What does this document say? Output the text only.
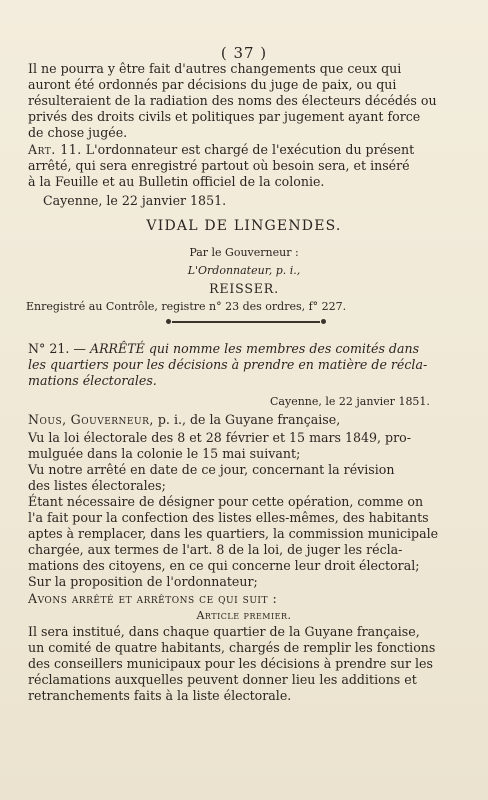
( 37 )
Il ne pourra y être fait d'autres changements que ceux qui
auront été ordonnés par décisions du juge de paix, ou qui
résulteraient de la radiation des noms des électeurs décédés ou
privés des droits civils et politiques par jugement ayant force
de chose jugée.
Art. 11. L'ordonnateur est chargé de l'exécution du présent
arrêté, qui sera enregistré partout où besoin sera, et inséré
à la Feuille et au Bulletin officiel de la colonie.
Cayenne, le 22 janvier 1851.
VIDAL DE LINGENDES.
Par le Gouverneur :
L'Ordonnateur, p. i.,
REISSER.
Enregistré au Contrôle, registre n° 23 des ordres, f° 227.
N° 21. — ARRÊTÉ qui nomme les membres des comités dans
les quartiers pour les décisions à prendre en matière de récla-
mations électorales.
Cayenne, le 22 janvier 1851.
Nous, Gouverneur, p. i., de la Guyane française,
Vu la loi électorale des 8 et 28 février et 15 mars 1849, pro-
mulguée dans la colonie le 15 mai suivant;
Vu notre arrêté en date de ce jour, concernant la révision
des listes électorales;
Étant nécessaire de désigner pour cette opération, comme on
l'a fait pour la confection des listes elles-mêmes, des habitants
aptes à remplacer, dans les quartiers, la commission municipale
chargée, aux termes de l'art. 8 de la loi, de juger les récla-
mations des citoyens, en ce qui concerne leur droit électoral;
Sur la proposition de l'ordonnateur;
Avons arrêté et arrêtons ce qui suit :
Article premier.
Il sera institué, dans chaque quartier de la Guyane française,
un comité de quatre habitants, chargés de remplir les fonctions
des conseillers municipaux pour les décisions à prendre sur les
réclamations auxquelles peuvent donner lieu les additions et
retranchements faits à la liste électorale.
